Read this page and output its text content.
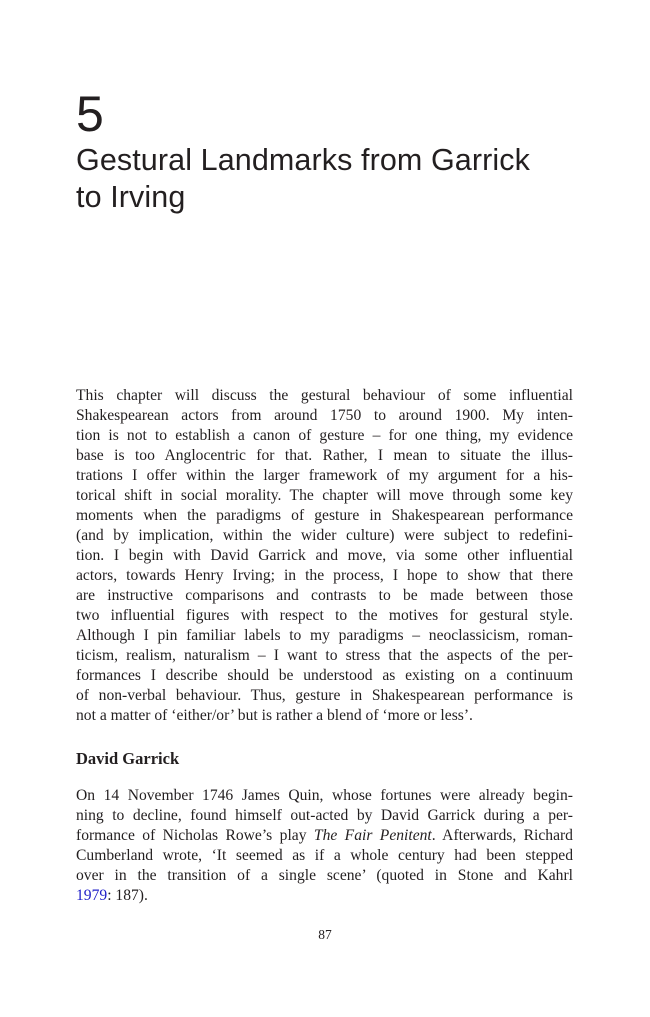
5
Gestural Landmarks from Garrick
to Irving

This chapter will discuss the gestural behaviour of some influential
Shakespearean actors from around 1750 to around 1900. My inten-
tion is not to establish a canon of gesture – for one thing, my evidence
base is too Anglocentric for that. Rather, I mean to situate the illus-
trations I offer within the larger framework of my argument for a his-
torical shift in social morality. The chapter will move through some key
moments when the paradigms of gesture in Shakespearean performance
(and by implication, within the wider culture) were subject to redefini-
tion. I begin with David Garrick and move, via some other influential
actors, towards Henry Irving; in the process, I hope to show that there
are instructive comparisons and contrasts to be made between those
two influential figures with respect to the motives for gestural style.
Although I pin familiar labels to my paradigms – neoclassicism, roman-
ticism, realism, naturalism – I want to stress that the aspects of the per-
formances I describe should be understood as existing on a continuum
of non-verbal behaviour. Thus, gesture in Shakespearean performance is
not a matter of ‘either/or’ but is rather a blend of ‘more or less’.

David Garrick

On 14 November 1746 James Quin, whose fortunes were already begin-
ning to decline, found himself out-acted by David Garrick during a per-
formance of Nicholas Rowe’s play The Fair Penitent. Afterwards, Richard
Cumberland wrote, ‘It seemed as if a whole century had been stepped
over in the transition of a single scene’ (quoted in Stone and Kahrl
1979: 187).

87
